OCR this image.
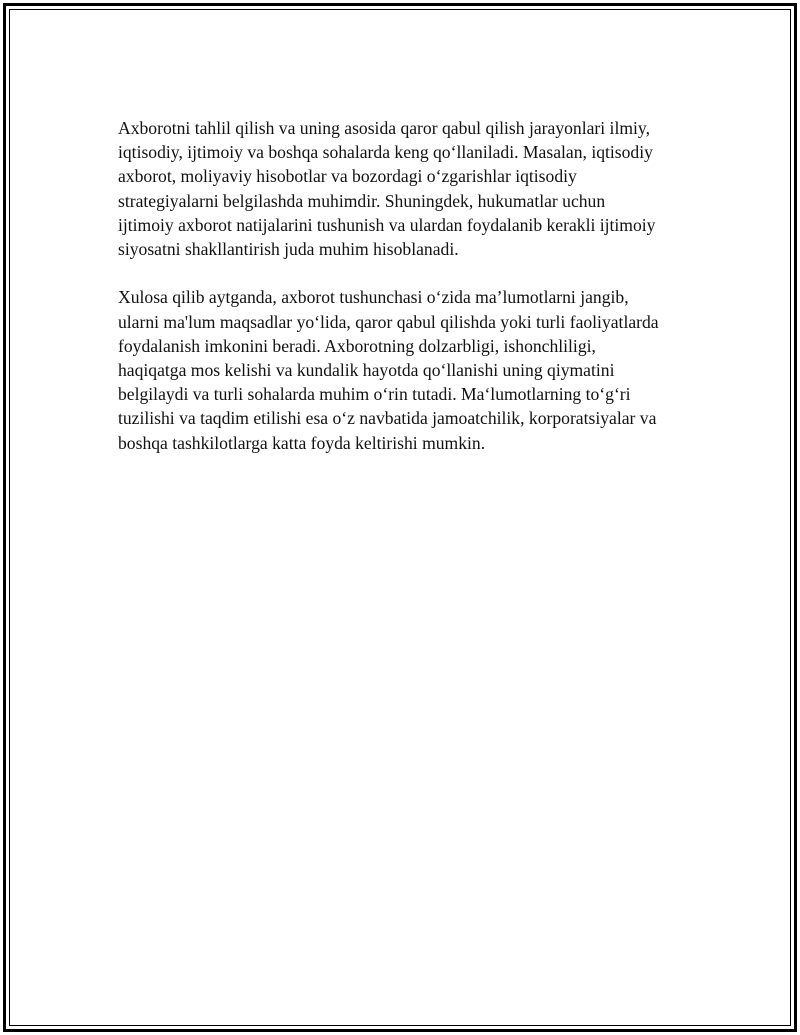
Axborotni tahlil qilish va uning asosida qaror qabul qilish jarayonlari ilmiy,
iqtisodiy, ijtimoiy va boshqa sohalarda keng qo‘llaniladi. Masalan, iqtisodiy
axborot, moliyaviy hisobotlar va bozordagi o‘zgarishlar iqtisodiy
strategiyalarni belgilashda muhimdir. Shuningdek, hukumatlar uchun
ijtimoiy axborot natijalarini tushunish va ulardan foydalanib kerakli ijtimoiy
siyosatni shakllantirish juda muhim hisoblanadi.

Xulosa qilib aytganda, axborot tushunchasi o‘zida ma’lumotlarni jangib,
ularni ma'lum maqsadlar yo‘lida, qaror qabul qilishda yoki turli faoliyatlarda
foydalanish imkonini beradi. Axborotning dolzarbligi, ishonchliligi,
haqiqatga mos kelishi va kundalik hayotda qo‘llanishi uning qiymatini
belgilaydi va turli sohalarda muhim o‘rin tutadi. Ma‘lumotlarning to‘g‘ri
tuzilishi va taqdim etilishi esa o‘z navbatida jamoatchilik, korporatsiyalar va
boshqa tashkilotlarga katta foyda keltirishi mumkin.
